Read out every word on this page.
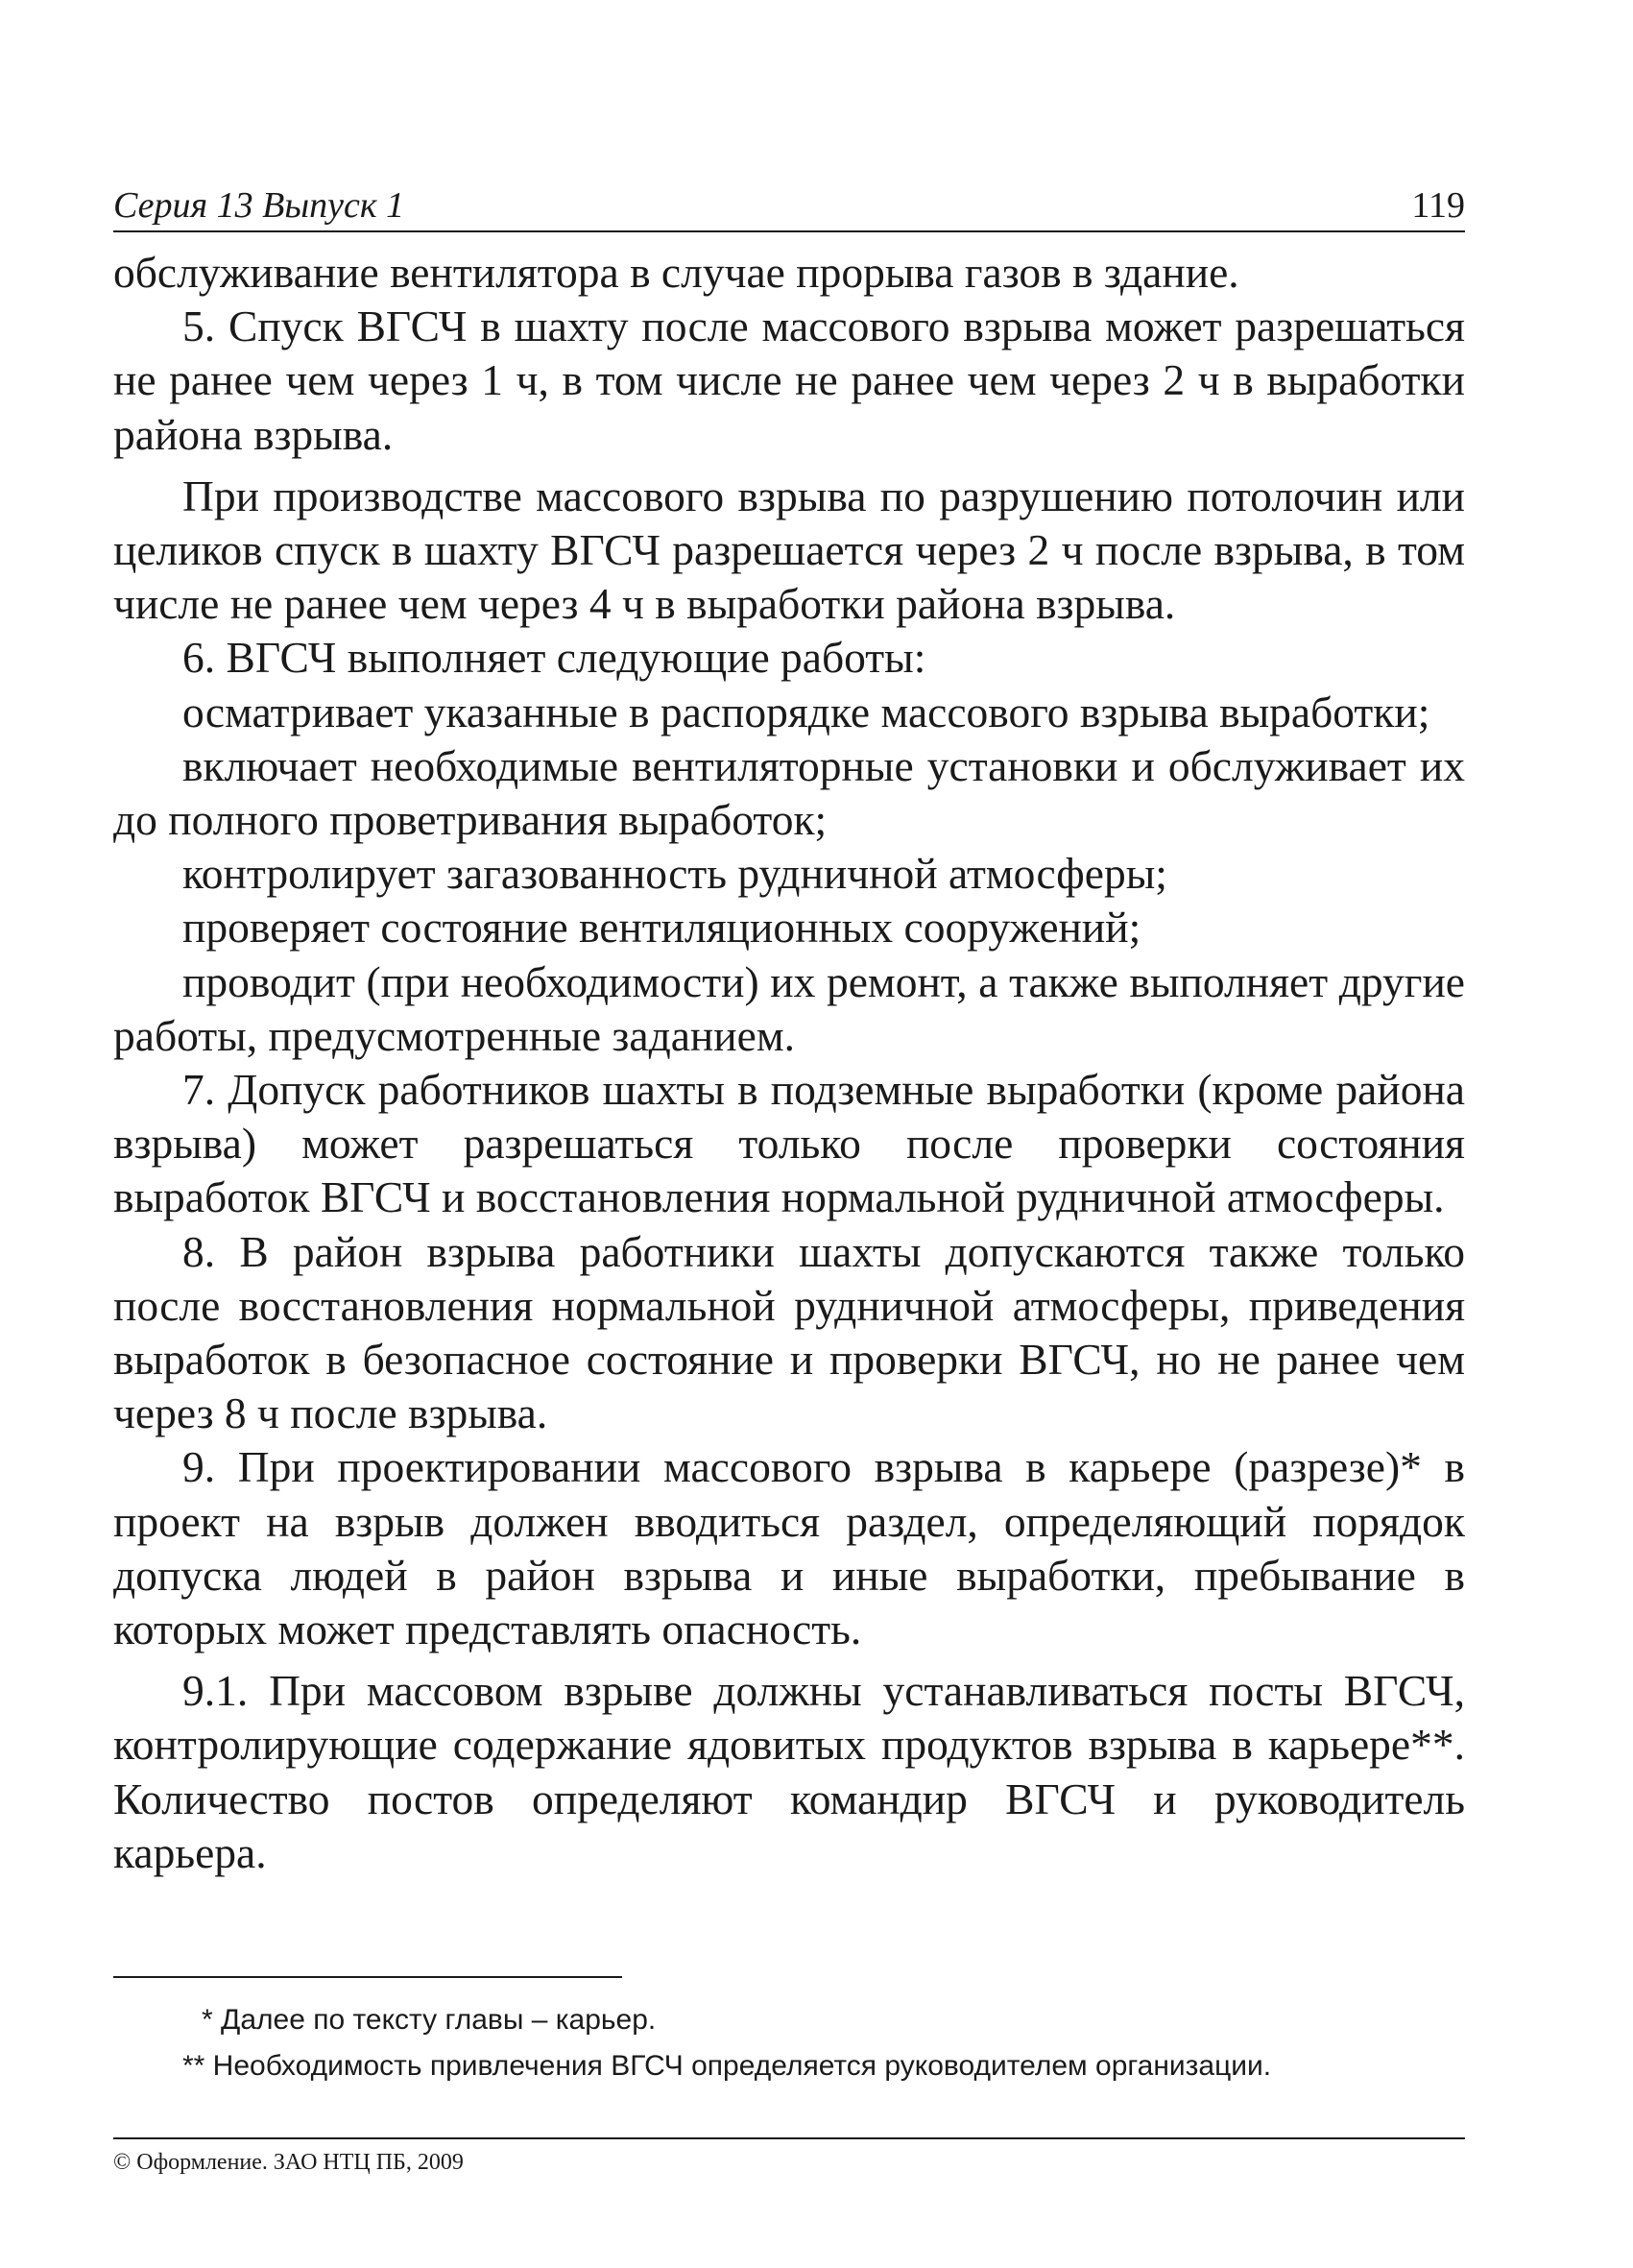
Серия 13 Выпуск 1	119

обслуживание вентилятора в случае прорыва газов в здание.

5. Спуск ВГСЧ в шахту после массового взрыва может разрешаться не ранее чем через 1 ч, в том числе не ранее чем через 2 ч в выработки района взрыва.

При производстве массового взрыва по разрушению потолочин или целиков спуск в шахту ВГСЧ разрешается через 2 ч после взрыва, в том числе не ранее чем через 4 ч в выработки района взрыва.

6. ВГСЧ выполняет следующие работы:

осматривает указанные в распорядке массового взрыва выработки;

включает необходимые вентиляторные установки и обслуживает их до полного проветривания выработок;

контролирует загазованность рудничной атмосферы;

проверяет состояние вентиляционных сооружений;

проводит (при необходимости) их ремонт, а также выполняет другие работы, предусмотренные заданием.

7. Допуск работников шахты в подземные выработки (кроме района взрыва) может разрешаться только после проверки состояния выработок ВГСЧ и восстановления нормальной рудничной атмосферы.

8. В район взрыва работники шахты допускаются также только после восстановления нормальной рудничной атмосферы, приведения выработок в безопасное состояние и проверки ВГСЧ, но не ранее чем через 8 ч после взрыва.

9. При проектировании массового взрыва в карьере (разрезе)* в проект на взрыв должен вводиться раздел, определяющий порядок допуска людей в район взрыва и иные выработки, пребывание в которых может представлять опасность.

9.1. При массовом взрыве должны устанавливаться посты ВГСЧ, контролирующие содержание ядовитых продуктов взрыва в карьере**. Количество постов определяют командир ВГСЧ и руководитель карьера.

* Далее по тексту главы – карьер.
** Необходимость привлечения ВГСЧ определяется руководителем организации.
© Оформление. ЗАО НТЦ ПБ, 2009
